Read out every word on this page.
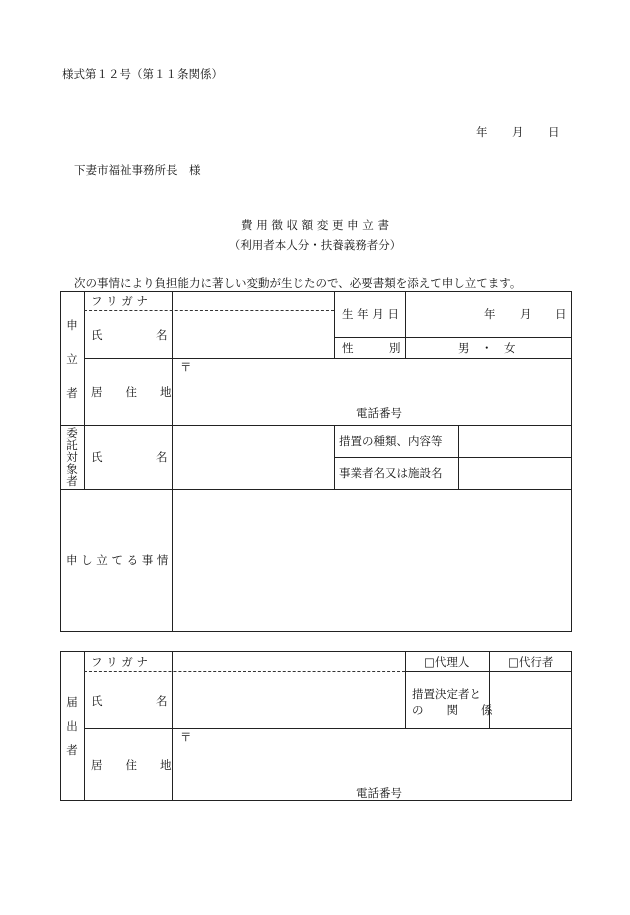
様式第１２号（第１１条関係）
年 月 日
下妻市福祉事務所長　様
費 用 徴 収 額 変 更 申 立 書
（利用者本人分・扶養義務者分）
次の事情により負担能力に著しい変動が生じたので、必要書類を添えて申し立てます。
申
立
者
フ リ ガ ナ
氏	名
生 年 月 日	年 月 日
性	別	男　・　女
〒
居　　住　　地
電話番号
委
託
対
象
者
氏	名
措置の種類、内容等
事業者名又は施設名
申 し 立 て る 事 情
届
出
者
フ リ ガ ナ	□代理人	□代行者
氏	名	措置決定者と
の　　関　　係
〒
居　　住　　地
電話番号
